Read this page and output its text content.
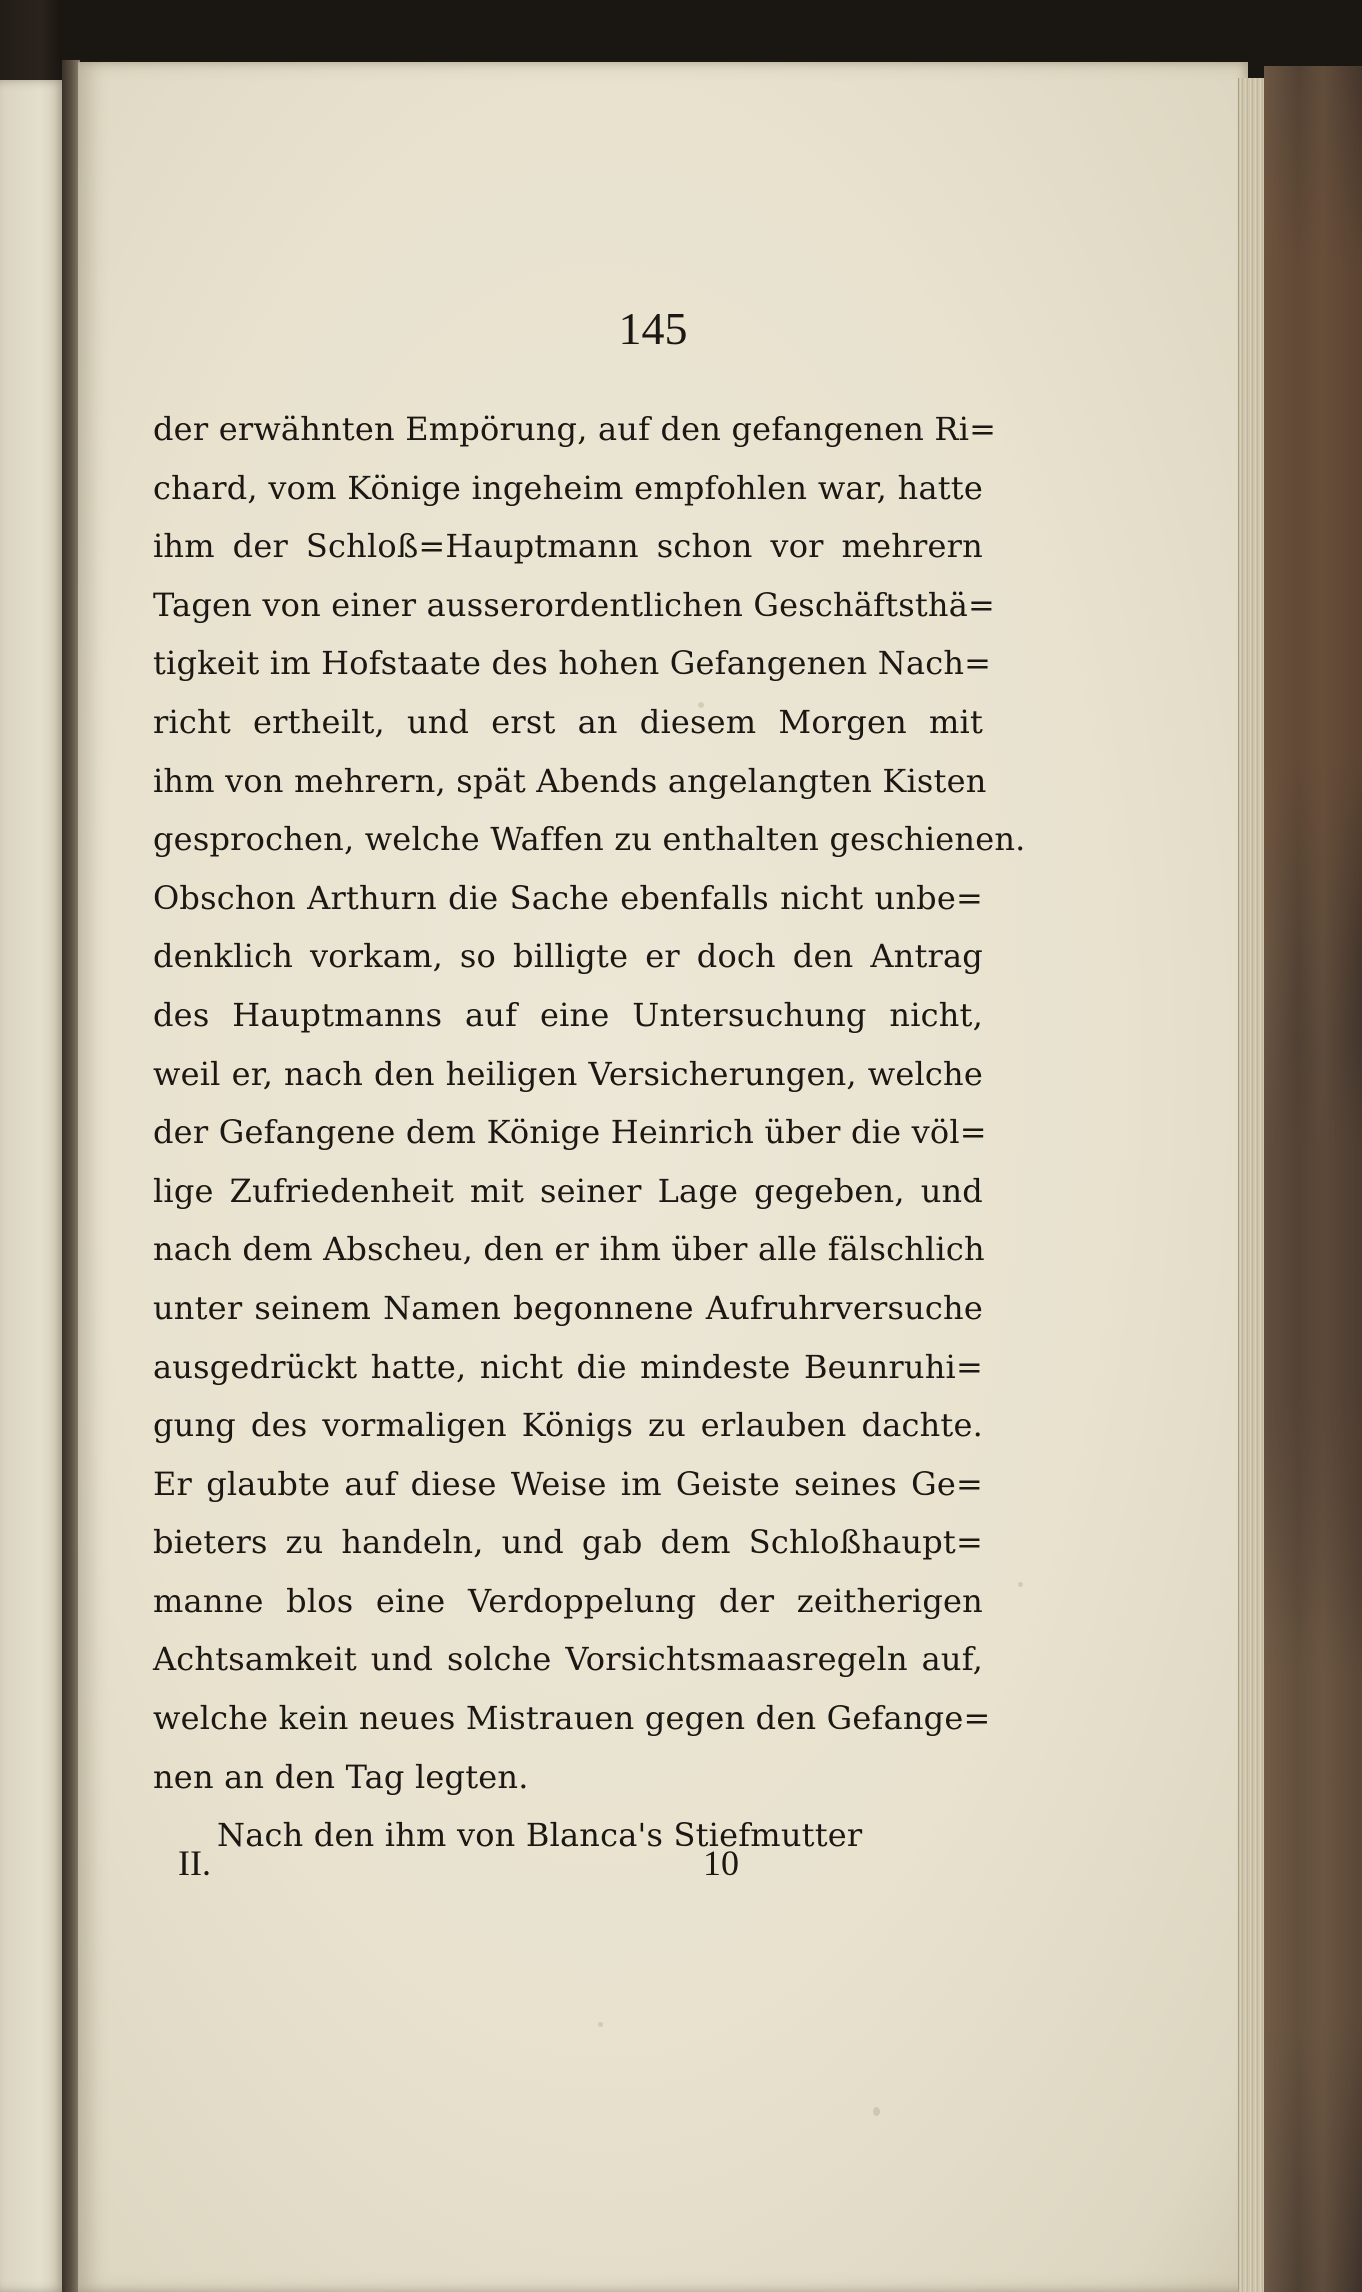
145

der erwähnten Empörung, auf den gefangenen Ri=

chard, vom Könige ingeheim empfohlen war, hatte

ihm der Schloß=Hauptmann schon vor mehrern

Tagen von einer ausserordentlichen Geschäftsthä=

tigkeit im Hofstaate des hohen Gefangenen Nach=

richt ertheilt, und erst an diesem Morgen mit

ihm von mehrern, spät Abends angelangten Kisten

gesprochen, welche Waffen zu enthalten geschienen.

Obschon Arthurn die Sache ebenfalls nicht unbe=

denklich vorkam, so billigte er doch den Antrag

des Hauptmanns auf eine Untersuchung nicht,

weil er, nach den heiligen Versicherungen, welche

der Gefangene dem Könige Heinrich über die völ=

lige Zufriedenheit mit seiner Lage gegeben, und

nach dem Abscheu, den er ihm über alle fälschlich

unter seinem Namen begonnene Aufruhrversuche

ausgedrückt hatte, nicht die mindeste Beunruhi=

gung des vormaligen Königs zu erlauben dachte.

Er glaubte auf diese Weise im Geiste seines Ge=

bieters zu handeln, und gab dem Schloßhaupt=

manne blos eine Verdoppelung der zeitherigen

Achtsamkeit und solche Vorsichtsmaasregeln auf,

welche kein neues Mistrauen gegen den Gefange=

nen an den Tag legten.

Nach den ihm von Blanca's Stiefmutter

II.	10
